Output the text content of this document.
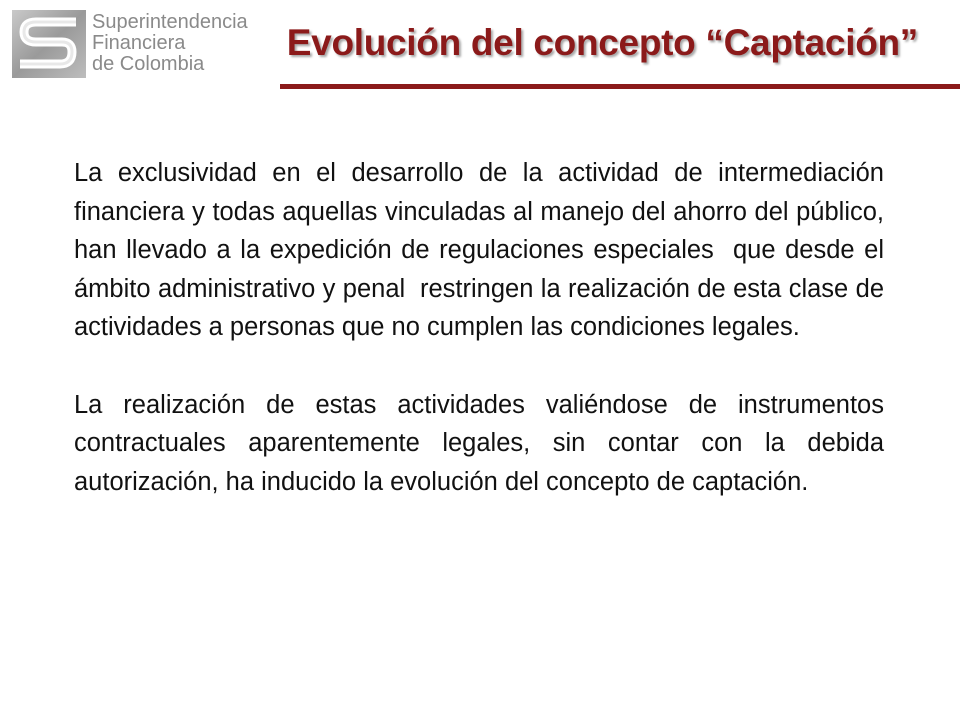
Superintendencia
Financiera
de Colombia
Evolución del concepto “Captación”

La exclusividad en el desarrollo de la actividad de intermediación financiera y todas aquellas vinculadas al manejo del ahorro del público, han llevado a la expedición de regulaciones especiales  que desde el ámbito administrativo y penal  restringen la realización de esta clase de actividades a personas que no cumplen las condiciones legales.

La realización de estas actividades valiéndose de instrumentos contractuales aparentemente legales, sin contar con la debida autorización, ha inducido la evolución del concepto de captación.
